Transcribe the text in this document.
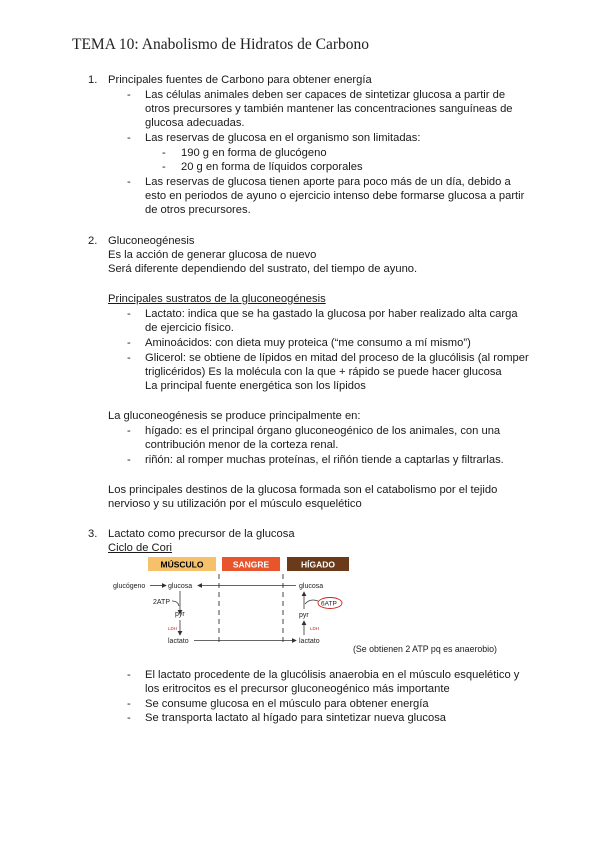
TEMA 10: Anabolismo de Hidratos de Carbono
1. Principales fuentes de Carbono para obtener energía
- Las células animales deben ser capaces de sintetizar glucosa a partir de
otros precursores y también mantener las concentraciones sanguíneas de
glucosa adecuadas.
- Las reservas de glucosa en el organismo son limitadas:
- 190 g en forma de glucógeno
- 20 g en forma de líquidos corporales
- Las reservas de glucosa tienen aporte para poco más de un día, debido a
esto en periodos de ayuno o ejercicio intenso debe formarse glucosa a partir
de otros precursores.
2. Gluconeogénesis
Es la acción de generar glucosa de nuevo
Será diferente dependiendo del sustrato, del tiempo de ayuno.
Principales sustratos de la gluconeogénesis
- Lactato: indica que se ha gastado la glucosa por haber realizado alta carga
de ejercicio físico.
- Aminoácidos: con dieta muy proteica (“me consumo a mí mismo”)
- Glicerol: se obtiene de lípidos en mitad del proceso de la glucólisis (al romper
triglicéridos) Es la molécula con la que + rápido se puede hacer glucosa
La principal fuente energética son los lípidos
La gluconeogénesis se produce principalmente en:
- hígado: es el principal órgano gluconeogénico de los animales, con una
contribución menor de la corteza renal.
- riñón: al romper muchas proteínas, el riñón tiende a captarlas y filtrarlas.
Los principales destinos de la glucosa formada son el catabolismo por el tejido
nervioso y su utilización por el músculo esquelético
3. Lactato como precursor de la glucosa
Ciclo de Cori
MÚSCULO	SANGRE	HÍGADO
glucógeno	glucosa
2ATP
pyr
LDH
lactato
glucosa
lactato
LDH
pyr
6ATP
(Se obtienen 2 ATP pq es anaerobio)
- El lactato procedente de la glucólisis anaerobia en el músculo esquelético y
los eritrocitos es el precursor gluconeogénico más importante
- Se consume glucosa en el músculo para obtener energía
- Se transporta lactato al hígado para sintetizar nueva glucosa
